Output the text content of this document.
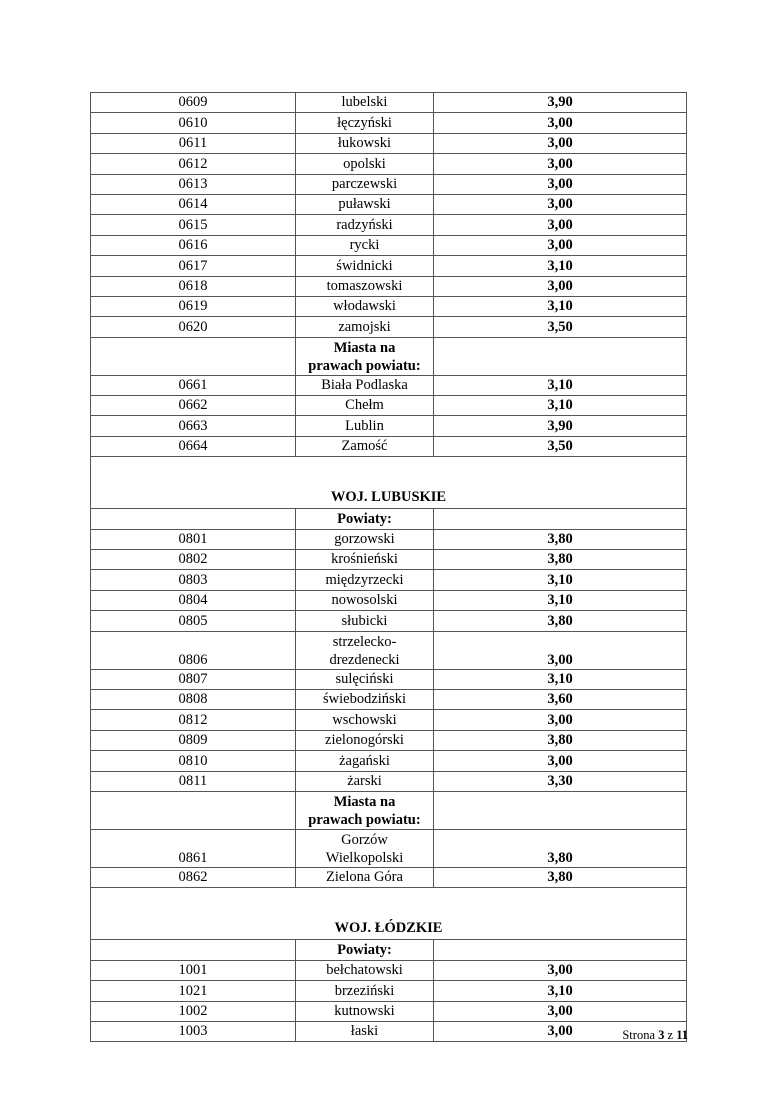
0609	lubelski	3,90
0610	łęczyński	3,00
0611	łukowski	3,00
0612	opolski	3,00
0613	parczewski	3,00
0614	puławski	3,00
0615	radzyński	3,00
0616	rycki	3,00
0617	świdnicki	3,10
0618	tomaszowski	3,00
0619	włodawski	3,10
0620	zamojski	3,50
	Miasta na
prawach powiatu:	
0661	Biała Podlaska	3,10
0662	Chełm	3,10
0663	Lublin	3,90
0664	Zamość	3,50
WOJ. LUBUSKIE		
	Powiaty:	
0801	gorzowski	3,80
0802	krośnieński	3,80
0803	międzyrzecki	3,10
0804	nowosolski	3,10
0805	słubicki	3,80
0806	strzelecko-
drezdenecki	3,00
0807	sulęciński	3,10
0808	świebodziński	3,60
0812	wschowski	3,00
0809	zielonogórski	3,80
0810	żagański	3,00
0811	żarski	3,30
	Miasta na
prawach powiatu:	
0861	Gorzów
Wielkopolski	3,80
0862	Zielona Góra	3,80
WOJ. ŁÓDZKIE		
	Powiaty:	
1001	bełchatowski	3,00
1021	brzeziński	3,10
1002	kutnowski	3,00
1003	łaski	3,00	Strona 3 z 11
